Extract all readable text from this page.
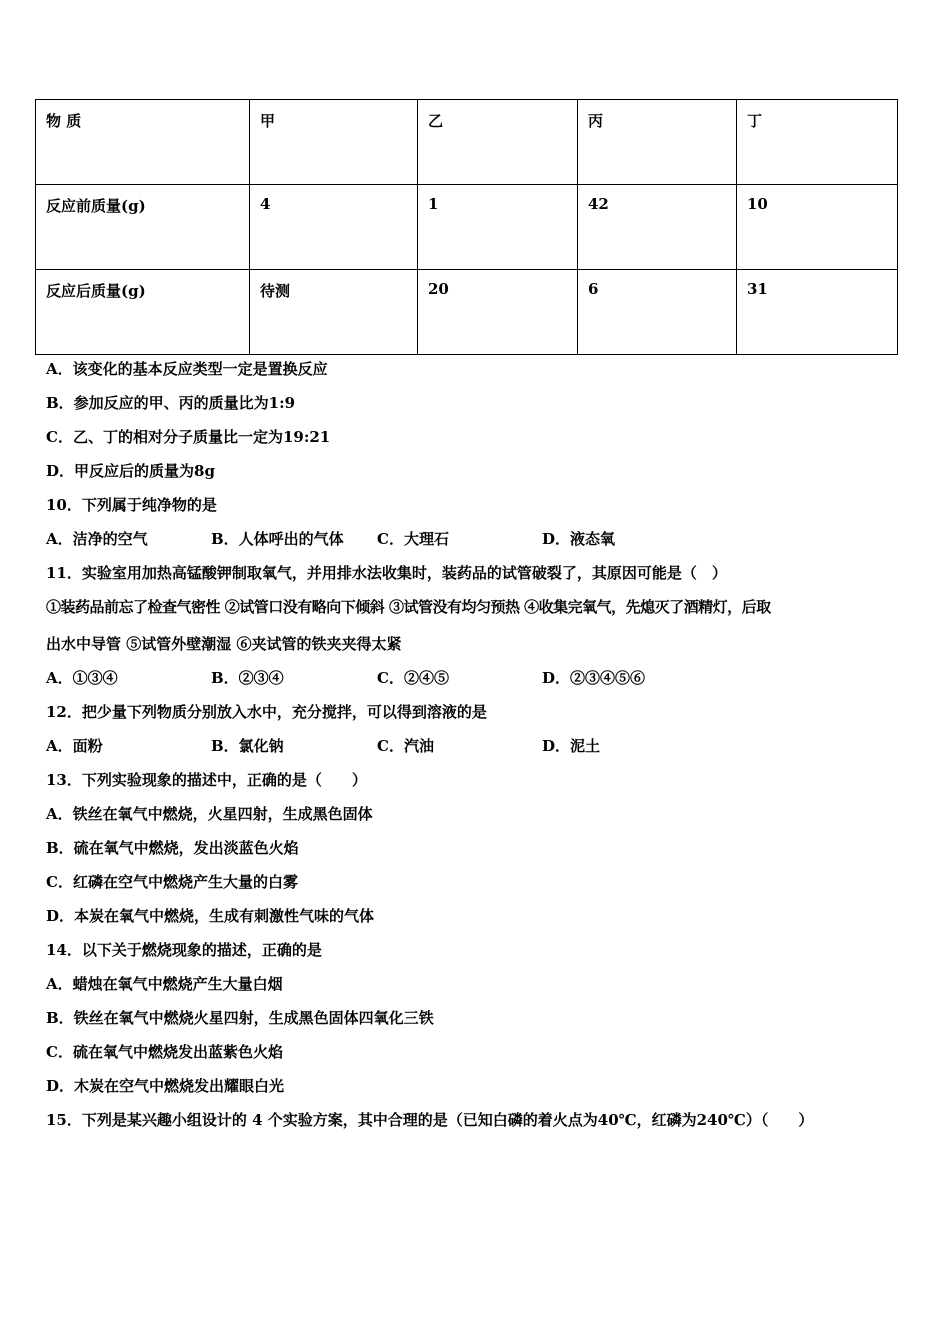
物 质	甲	乙	丙	丁
反应前质量(g)	4	1	42	10
反应后质量(g)	待测	20	6	31
A．该变化的基本反应类型一定是置换反应
B．参加反应的甲、丙的质量比为1:9
C．乙、丁的相对分子质量比一定为19:21
D．甲反应后的质量为8g
10．下列属于纯净物的是
A．洁净的空气	B．人体呼出的气体 C．大理石	D．液态氧
11．实验室用加热高锰酸钾制取氧气，并用排水法收集时，装药品的试管破裂了，其原因可能是（　）
①装药品前忘了检查气密性 ②试管口没有略向下倾斜 ③试管没有均匀预热 ④收集完氧气，先熄灭了酒精灯，后取
出水中导管 ⑤试管外壁潮湿 ⑥夹试管的铁夹夹得太紧
A．①③④	B．②③④	C．②④⑤	D．②③④⑤⑥
12．把少量下列物质分别放入水中，充分搅拌，可以得到溶液的是
A．面粉	B．氯化钠	C．汽油	D．泥土
13．下列实验现象的描述中，正确的是（　　）
A．铁丝在氧气中燃烧，火星四射，生成黑色固体
B．硫在氧气中燃烧，发出淡蓝色火焰
C．红磷在空气中燃烧产生大量的白雾
D．本炭在氧气中燃烧，生成有刺激性气味的气体
14．以下关于燃烧现象的描述，正确的是
A．蜡烛在氧气中燃烧产生大量白烟
B．铁丝在氧气中燃烧火星四射，生成黑色固体四氧化三铁
C．硫在氧气中燃烧发出蓝紫色火焰
D．木炭在空气中燃烧发出耀眼白光
15．下列是某兴趣小组设计的 4 个实验方案，其中合理的是（已知白磷的着火点为40℃，红磷为240℃）（　　）
